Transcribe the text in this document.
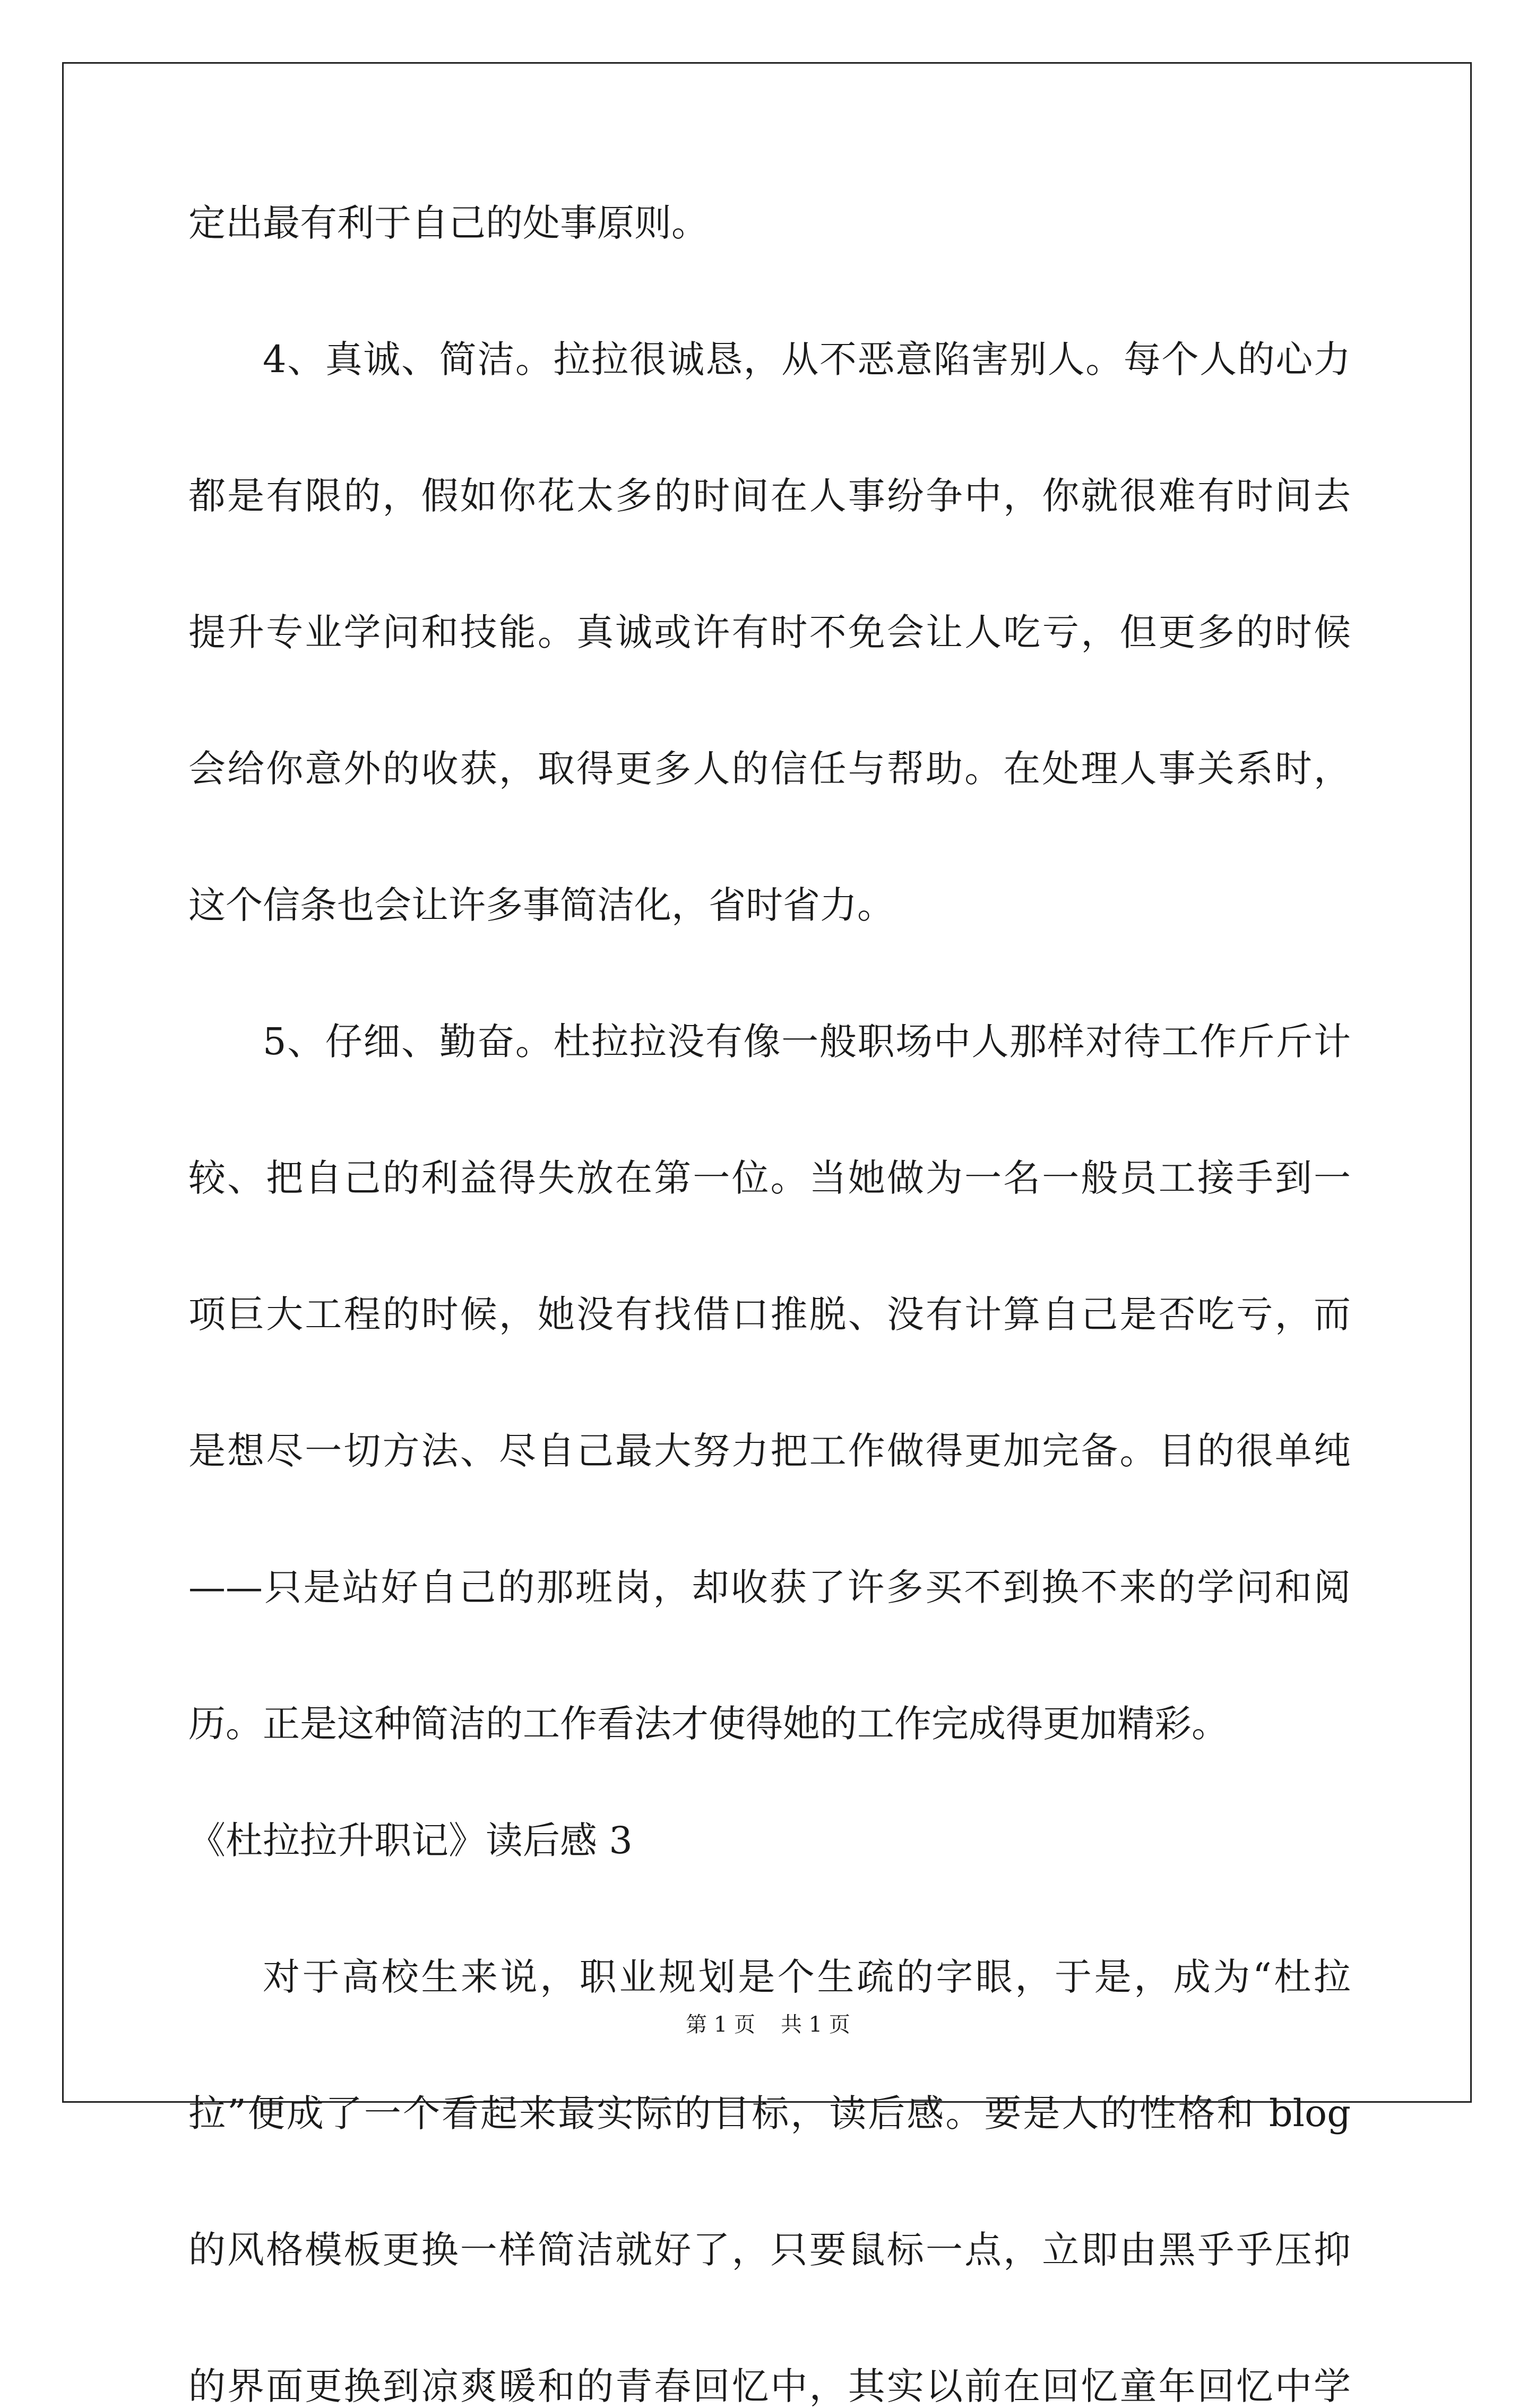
定出最有利于自己的处事原则。
4、真诚、简洁。拉拉很诚恳，从不恶意陷害别人。每个人的心力
都是有限的，假如你花太多的时间在人事纷争中，你就很难有时间去
提升专业学问和技能。真诚或许有时不免会让人吃亏，但更多的时候
会给你意外的收获，取得更多人的信任与帮助。在处理人事关系时，
这个信条也会让许多事简洁化，省时省力。
5、仔细、勤奋。杜拉拉没有像一般职场中人那样对待工作斤斤计
较、把自己的利益得失放在第一位。当她做为一名一般员工接手到一
项巨大工程的时候，她没有找借口推脱、没有计算自己是否吃亏，而
是想尽一切方法、尽自己最大努力把工作做得更加完备。目的很单纯
——只是站好自己的那班岗，却收获了许多买不到换不来的学问和阅
历。正是这种简洁的工作看法才使得她的工作完成得更加精彩。
《杜拉拉升职记》读后感 3
对于高校生来说，职业规划是个生疏的字眼，于是，成为“杜拉
拉”便成了一个看起来最实际的目标，读后感。要是人的性格和 blog
的风格模板更换一样简洁就好了，只要鼠标一点，立即由黑乎乎压抑
的界面更换到凉爽暖和的青春回忆中，其实以前在回忆童年回忆中学
第 1 页 共 1 页
